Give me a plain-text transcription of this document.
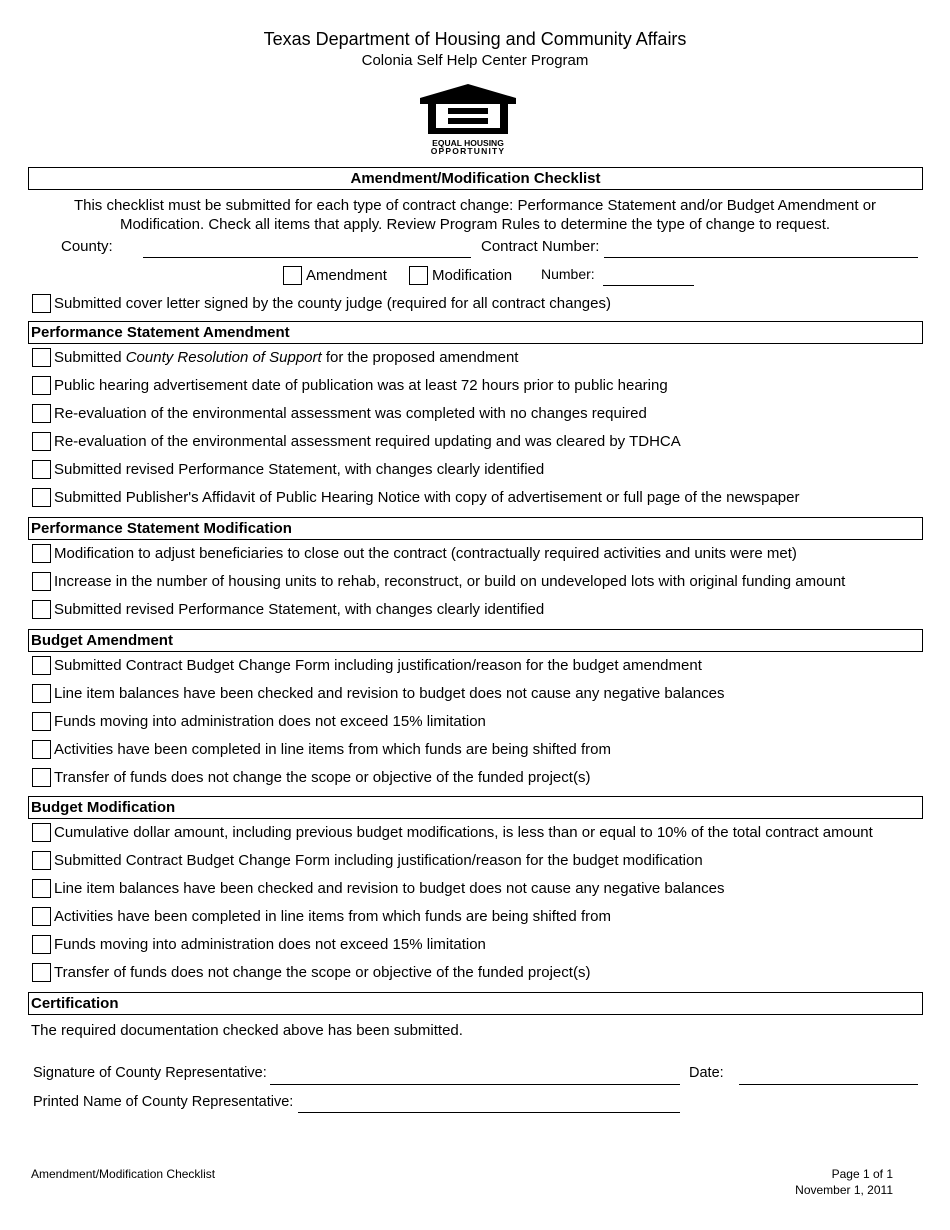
Texas Department of Housing and Community Affairs
Colonia Self Help Center Program
EQUAL HOUSING
OPPORTUNITY
Amendment/Modification Checklist
This checklist must be submitted for each type of contract change: Performance Statement and/or Budget Amendment or
Modification. Check all items that apply. Review Program Rules to determine the type of change to request.
County:	Contract Number:
Amendment	Modification Number:
Submitted cover letter signed by the county judge (required for all contract changes)
Performance Statement Amendment
Submitted County Resolution of Support for the proposed amendment
Public hearing advertisement date of publication was at least 72 hours prior to public hearing
Re-evaluation of the environmental assessment was completed with no changes required
Re-evaluation of the environmental assessment required updating and was cleared by TDHCA
Submitted revised Performance Statement, with changes clearly identified
Submitted Publisher's Affidavit of Public Hearing Notice with copy of advertisement or full page of the newspaper
Performance Statement Modification
Modification to adjust beneficiaries to close out the contract (contractually required activities and units were met)
Increase in the number of housing units to rehab, reconstruct, or build on undeveloped lots with original funding amount
Submitted revised Performance Statement, with changes clearly identified
Budget Amendment
Submitted Contract Budget Change Form including justification/reason for the budget amendment
Line item balances have been checked and revision to budget does not cause any negative balances
Funds moving into administration does not exceed 15% limitation
Activities have been completed in line items from which funds are being shifted from
Transfer of funds does not change the scope or objective of the funded project(s)
Budget Modification
Cumulative dollar amount, including previous budget modifications, is less than or equal to 10% of the total contract amount
Submitted Contract Budget Change Form including justification/reason for the budget modification
Line item balances have been checked and revision to budget does not cause any negative balances
Activities have been completed in line items from which funds are being shifted from
Funds moving into administration does not exceed 15% limitation
Transfer of funds does not change the scope or objective of the funded project(s)
Certification
The required documentation checked above has been submitted.
Signature of County Representative:	Date:
Printed Name of County Representative:
Amendment/Modification Checklist	Page 1 of 1
November 1, 2011
